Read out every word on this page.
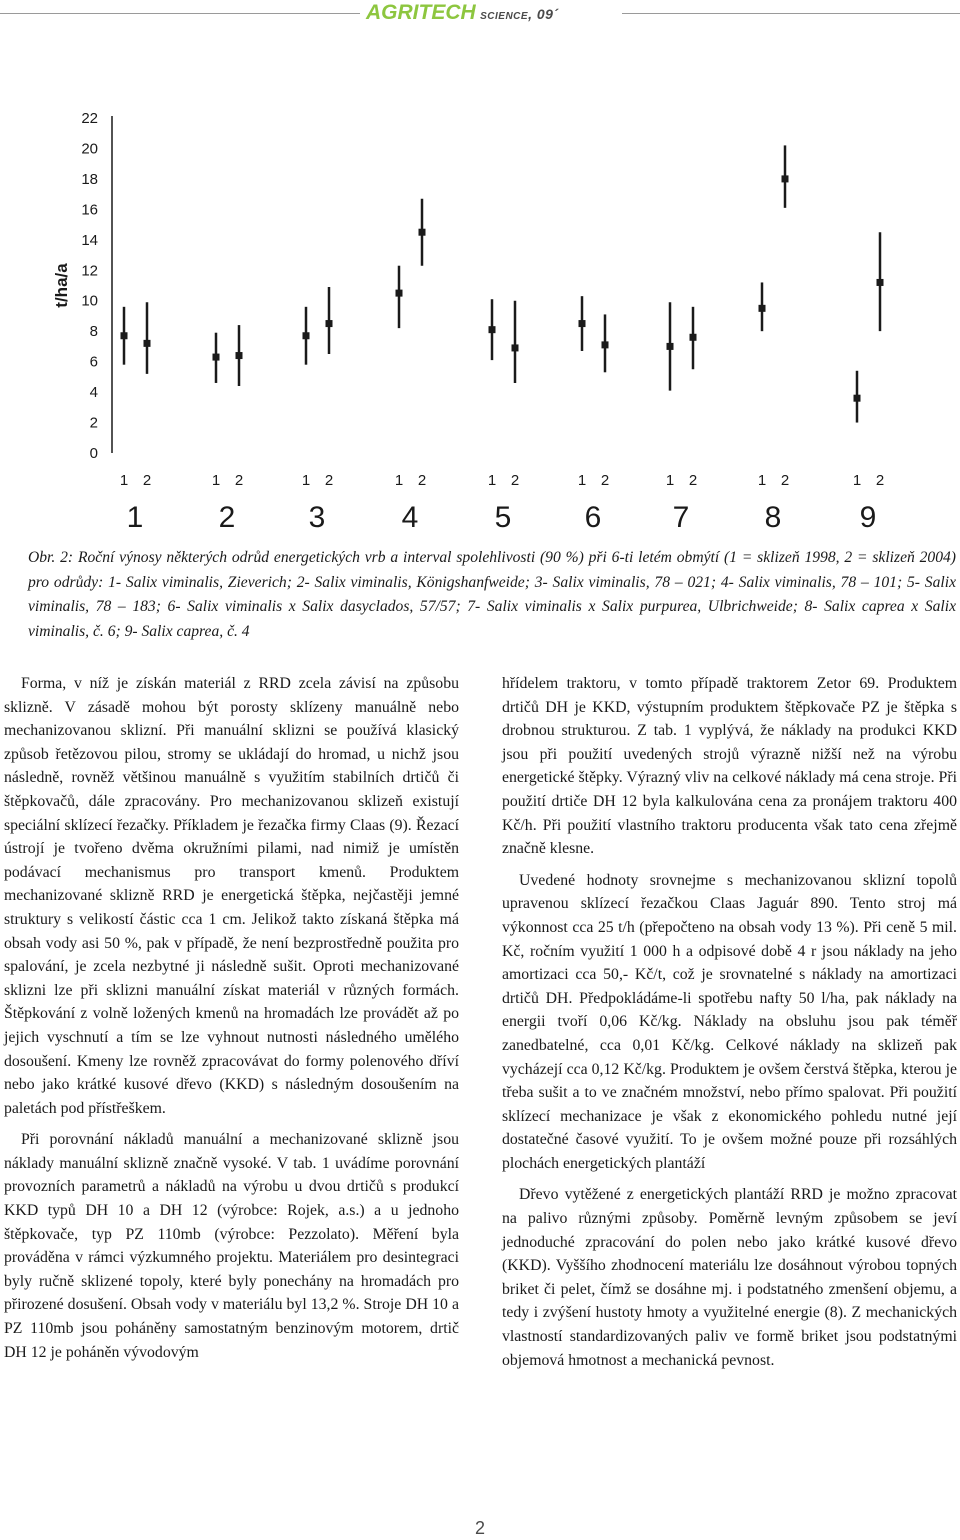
AGRITECH science, 09´
t/ha/a
0
2
4
6
8
10
12
14
16
18
20
22
1 2
1
1 2
2
1 2
3
1 2
4
1 2
5
1 2
6
1 2
7
1 2
8
1 2
9
Obr. 2: Roční výnosy některých odrůd energetických vrb a interval spolehlivosti (90 %) při 6-ti letém obmýtí (1 = sklizeň 1998, 2 = sklizeň 2004) pro odrůdy: 1- Salix viminalis, Zieverich; 2- Salix viminalis, Königshanfweide; 3- Salix viminalis, 78 – 021; 4- Salix viminalis, 78 – 101; 5- Salix viminalis, 78 – 183; 6- Salix viminalis x Salix dasyclados, 57/57; 7- Salix viminalis x Salix purpurea, Ulbrichweide; 8- Salix caprea x Salix viminalis, č. 6; 9- Salix caprea, č. 4

Forma, v níž je získán materiál z RRD zcela závisí na způsobu sklizně. V zásadě mohou být porosty sklízeny manuálně nebo mechanizovanou sklizní. Při manuální sklizni se používá klasický způsob řetězovou pilou, stromy se ukládají do hromad, u nichž jsou následně, rovněž většinou manuálně s využitím stabilních drtičů či štěpkovačů, dále zpracovány. Pro mechanizovanou sklizeň existují speciální sklízecí řezačky. Příkladem je řezačka firmy Claas (9). Řezací ústrojí je tvořeno dvěma okružními pilami, nad nimiž je umístěn podávací mechanismus pro transport kmenů. Produktem mechanizované sklizně RRD je energetická štěpka, nejčastěji jemné struktury s velikostí částic cca 1 cm. Jelikož takto získaná štěpka má obsah vody asi 50 %, pak v případě, že není bezprostředně použita pro spalování, je zcela nezbytné ji následně sušit. Oproti mechanizované sklizni lze při sklizni manuální získat materiál v různých formách. Štěpkování z volně ložených kmenů na hromadách lze provádět až po jejich vyschnutí a tím se lze vyhnout nutnosti následného umělého dosoušení. Kmeny lze rovněž zpracovávat do formy polenového dříví nebo jako krátké kusové dřevo (KKD) s následným dosoušením na paletách pod přístřeškem.

Při porovnání nákladů manuální a mechanizované sklizně jsou náklady manuální sklizně značně vysoké. V tab. 1 uvádíme porovnání provozních parametrů a nákladů na výrobu u dvou drtičů s produkcí KKD typů DH 10 a DH 12 (výrobce: Rojek, a.s.) a u jednoho štěpkovače, typ PZ 110mb (výrobce: Pezzolato). Měření byla prováděna v rámci výzkumného projektu. Materiálem pro desintegraci byly ručně sklizené topoly, které byly ponechány na hromadách pro přirozené dosušení. Obsah vody v materiálu byl 13,2 %. Stroje DH 10 a PZ 110mb jsou poháněny samostatným benzinovým motorem, drtič DH 12 je poháněn vývodovým

hřídelem traktoru, v tomto případě traktorem Zetor 69. Produktem drtičů DH je KKD, výstupním produktem štěpkovače PZ je štěpka s drobnou strukturou. Z tab. 1 vyplývá, že náklady na produkci KKD jsou při použití uvedených strojů výrazně nižší než na výrobu energetické štěpky. Výrazný vliv na celkové náklady má cena stroje. Při použití drtiče DH 12 byla kalkulována cena za pronájem traktoru 400 Kč/h. Při použití vlastního traktoru producenta však tato cena zřejmě značně klesne.

Uvedené hodnoty srovnejme s mechanizovanou sklizní topolů upravenou sklízecí řezačkou Claas Jaguár 890. Tento stroj má výkonnost cca 25 t/h (přepočteno na obsah vody 13 %). Při ceně 5 mil. Kč, ročním využití 1 000 h a odpisové době 4 r jsou náklady na jeho amortizaci cca 50,- Kč/t, což je srovnatelné s náklady na amortizaci drtičů DH. Předpokládáme-li spotřebu nafty 50 l/ha, pak náklady na energii tvoří 0,06 Kč/kg. Náklady na obsluhu jsou pak téměř zanedbatelné, cca 0,01 Kč/kg. Celkové náklady na sklizeň pak vycházejí cca 0,12 Kč/kg. Produktem je ovšem čerstvá štěpka, kterou je třeba sušit a to ve značném množství, nebo přímo spalovat. Při použití sklízecí mechanizace je však z ekonomického pohledu nutné její dostatečné časové využití. To je ovšem možné pouze při rozsáhlých plochách energetických plantáží

Dřevo vytěžené z energetických plantáží RRD je možno zpracovat na palivo různými způsoby. Poměrně levným způsobem se jeví jednoduché zpracování do polen nebo jako krátké kusové dřevo (KKD). Vyššího zhodnocení materiálu lze dosáhnout výrobou topných briket či pelet, čímž se dosáhne mj. i podstatného zmenšení objemu, a tedy i zvýšení hustoty hmoty a využitelné energie (8). Z mechanických vlastností standardizovaných paliv ve formě briket jsou podstatnými objemová hmotnost a mechanická pevnost.

2
